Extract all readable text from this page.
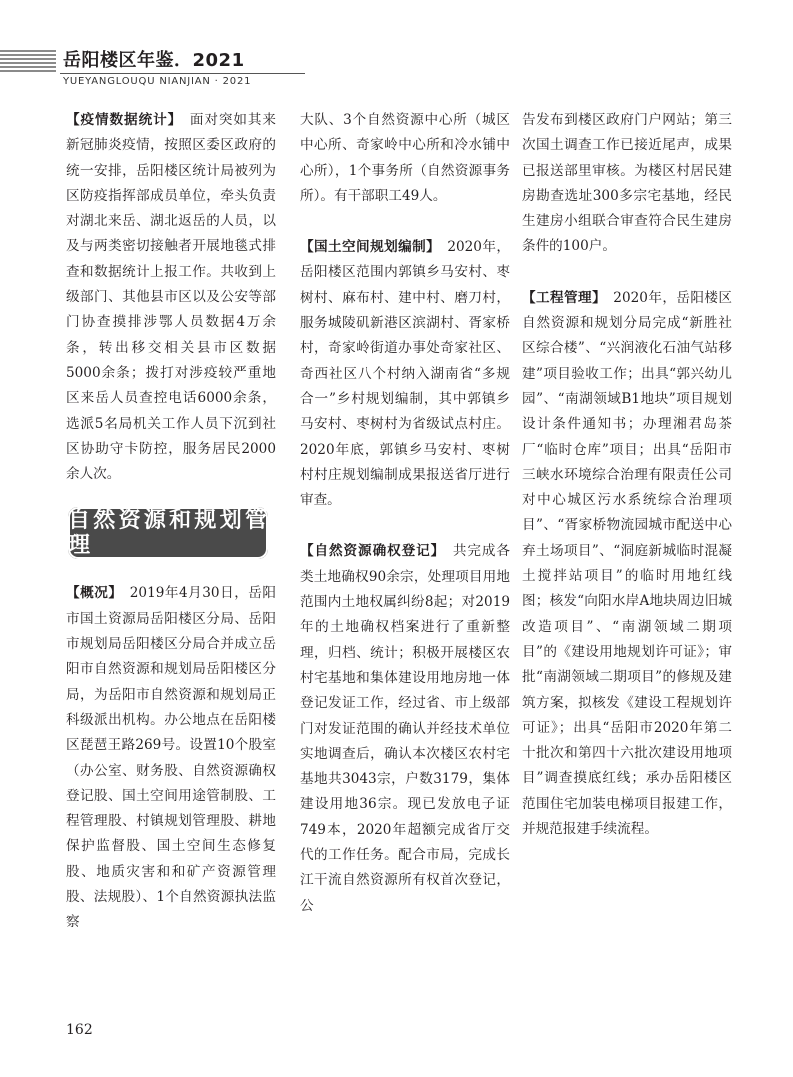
岳阳楼区年鉴．2021
YUEYANGLOUQU NIANJIAN · 2021

【疫情数据统计】　面对突如其来新冠肺炎疫情，按照区委区政府的统一安排，岳阳楼区统计局被列为区防疫指挥部成员单位，牵头负责对湖北来岳、湖北返岳的人员，以及与两类密切接触者开展地毯式排查和数据统计上报工作。共收到上级部门、其他县市区以及公安等部门协查摸排涉鄂人员数据4万余条，转出移交相关县市区数据5000余条；拨打对涉疫较严重地区来岳人员查控电话6000余条，选派5名局机关工作人员下沉到社区协助守卡防控，服务居民2000余人次。

自然资源和规划管理

【概况】　2019年4月30日，岳阳市国土资源局岳阳楼区分局、岳阳市规划局岳阳楼区分局合并成立岳阳市自然资源和规划局岳阳楼区分局，为岳阳市自然资源和规划局正科级派出机构。办公地点在岳阳楼区琵琶王路269号。设置10个股室（办公室、财务股、自然资源确权登记股、国土空间用途管制股、工程管理股、村镇规划管理股、耕地保护监督股、国土空间生态修复股、地质灾害和和矿产资源管理股、法规股）、1个自然资源执法监察

大队、3个自然资源中心所（城区中心所、奇家岭中心所和冷水铺中心所），1个事务所（自然资源事务所）。有干部职工49人。

【国土空间规划编制】　2020年，岳阳楼区范围内郭镇乡马安村、枣树村、麻布村、建中村、磨刀村，服务城陵矶新港区滨湖村、胥家桥村，奇家岭街道办事处奇家社区、奇西社区八个村纳入湖南省“多规合一”乡村规划编制，其中郭镇乡马安村、枣树村为省级试点村庄。2020年底，郭镇乡马安村、枣树村村庄规划编制成果报送省厅进行审查。

【自然资源确权登记】　共完成各类土地确权90余宗，处理项目用地范围内土地权属纠纷8起；对2019年的土地确权档案进行了重新整理，归档、统计；积极开展楼区农村宅基地和集体建设用地房地一体登记发证工作，经过省、市上级部门对发证范围的确认并经技术单位实地调查后，确认本次楼区农村宅基地共3043宗，户数3179，集体建设用地36宗。现已发放电子证749本，2020年超额完成省厅交代的工作任务。配合市局，完成长江干流自然资源所有权首次登记，公

告发布到楼区政府门户网站；第三次国土调查工作已接近尾声，成果已报送部里审核。为楼区村居民建房勘查选址300多宗宅基地，经民生建房小组联合审查符合民生建房条件的100户。

【工程管理】　2020年，岳阳楼区自然资源和规划分局完成“新胜社区综合楼”、“兴润液化石油气站移建”项目验收工作；出具“郭兴幼儿园”、“南湖领域B1地块”项目规划设计条件通知书；办理湘君岛茶厂“临时仓库”项目；出具“岳阳市三峡水环境综合治理有限责任公司对中心城区污水系统综合治理项目”、“胥家桥物流园城市配送中心弃土场项目”、“洞庭新城临时混凝土搅拌站项目”的临时用地红线图；核发“向阳水岸A地块周边旧城改造项目”、“南湖领域二期项目”的《建设用地规划许可证》；审批“南湖领域二期项目”的修规及建筑方案，拟核发《建设工程规划许可证》；出具“岳阳市2020年第二十批次和第四十六批次建设用地项目”调查摸底红线；承办岳阳楼区范围住宅加装电梯项目报建工作，并规范报建手续流程。

162
